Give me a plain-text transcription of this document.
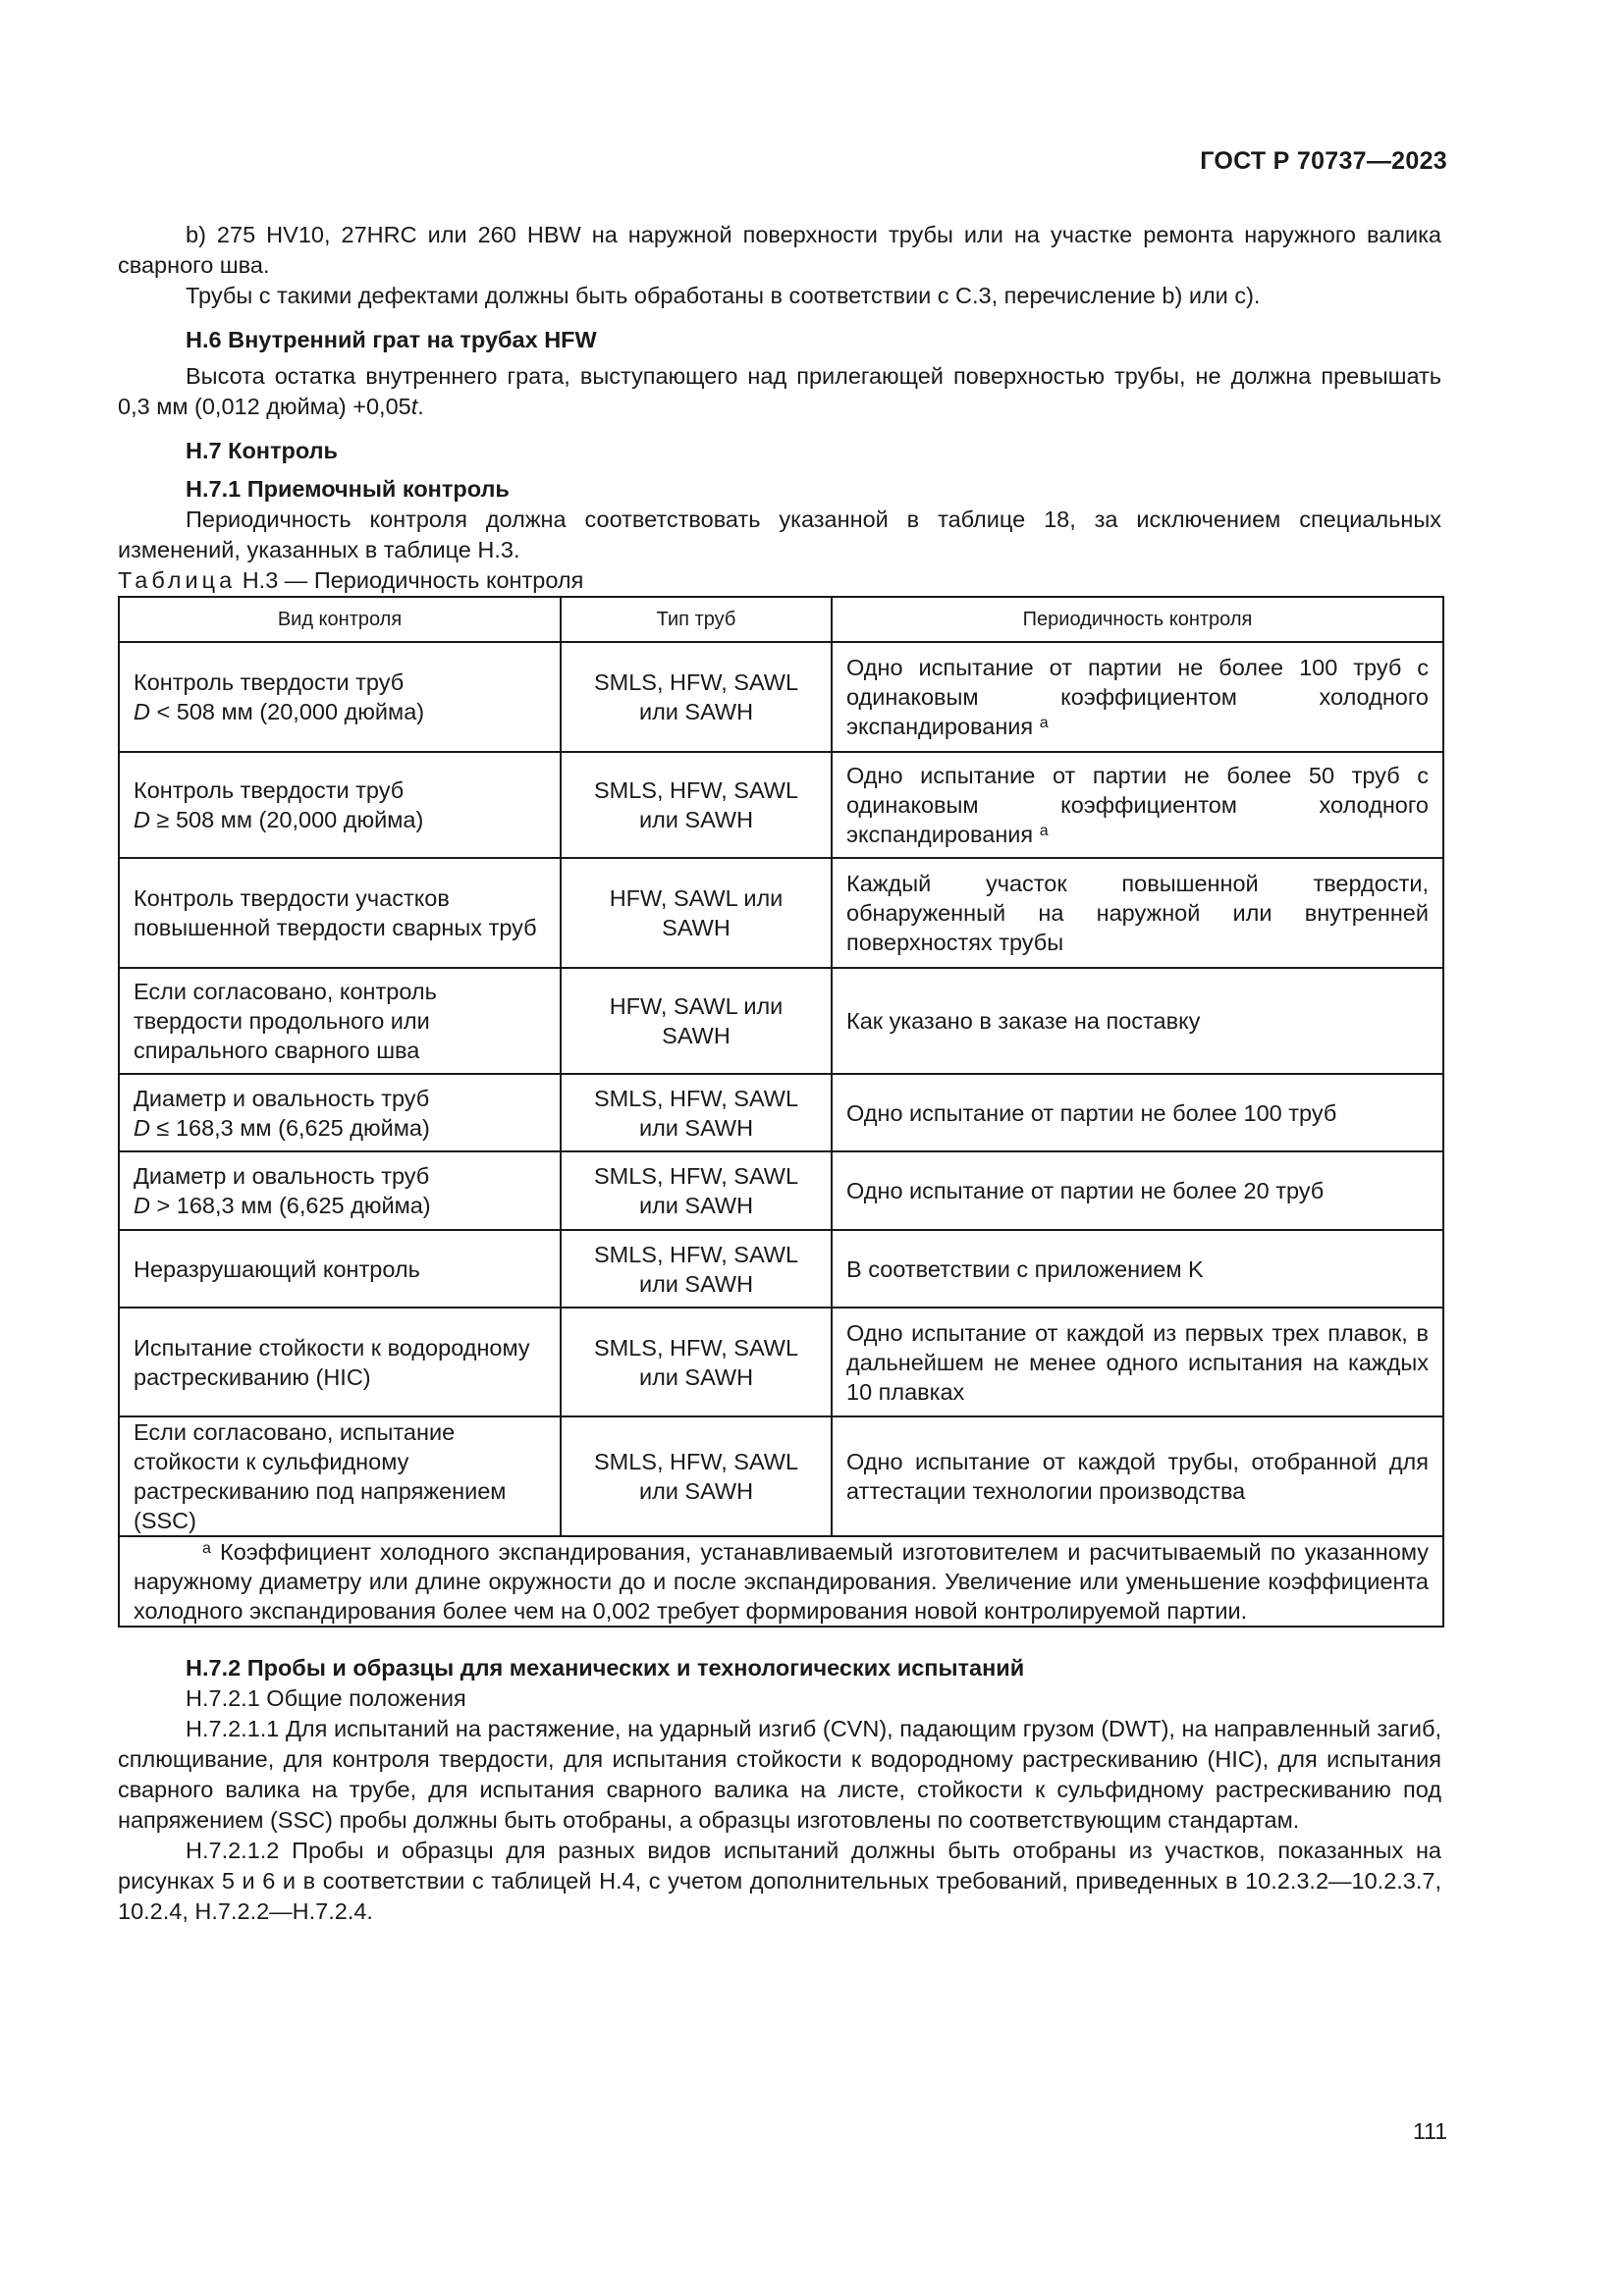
ГОСТ Р 70737—2023

b) 275 HV10, 27HRC или 260 HBW на наружной поверхности трубы или на участке ремонта наружного валика сварного шва.

Трубы с такими дефектами должны быть обработаны в соответствии с С.3, перечисление b) или c).

H.6 Внутренний грат на трубах HFW

Высота остатка внутреннего грата, выступающего над прилегающей поверхностью трубы, не должна превышать 0,3 мм (0,012 дюйма) +0,05t.

H.7 Контроль

H.7.1 Приемочный контроль

Периодичность контроля должна соответствовать указанной в таблице 18, за исключением специальных изменений, указанных в таблице H.3.

Таблица H.3 — Периодичность контроля

Вид контроля	Тип труб	Периодичность контроля
Контроль твердости труб
D < 508 мм (20,000 дюйма)	SMLS, HFW, SAWL или SAWH	Одно испытание от партии не более 100 труб с одинаковым коэффициентом холодного экспандирования $^a$
Контроль твердости труб
D ≥ 508 мм (20,000 дюйма)	SMLS, HFW, SAWL или SAWH	Одно испытание от партии не более 50 труб с одинаковым коэффициентом холодного экспандирования $^a$
Контроль твердости участков повышенной твердости сварных труб	HFW, SAWL или SAWH	Каждый участок повышенной твердости, обнаруженный на наружной или внутренней поверхностях трубы
Если согласовано, контроль твердости продольного или спирального сварного шва	HFW, SAWL или SAWH	Как указано в заказе на поставку
Диаметр и овальность труб
D ≤ 168,3 мм (6,625 дюйма)	SMLS, HFW, SAWL или SAWH	Одно испытание от партии не более 100 труб
Диаметр и овальность труб
D > 168,3 мм (6,625 дюйма)	SMLS, HFW, SAWL или SAWH	Одно испытание от партии не более 20 труб
Неразрушающий контроль	SMLS, HFW, SAWL или SAWH	В соответствии с приложением K
Испытание стойкости к водородному растрескиванию (HIC)	SMLS, HFW, SAWL или SAWH	Одно испытание от каждой из первых трех плавок, в дальнейшем не менее одного испытания на каждых 10 плавках
Если согласовано, испытание стойкости к сульфидному растрескиванию под напряжением (SSC)	SMLS, HFW, SAWL или SAWH	Одно испытание от каждой трубы, отобранной для аттестации технологии производства
$^a$ Коэффициент холодного экспандирования, устанавливаемый изготовителем и расчитываемый по указанному наружному диаметру или длине окружности до и после экспандирования. Увеличение или уменьшение коэффициента холодного экспандирования более чем на 0,002 требует формирования новой контролируемой партии.		

H.7.2 Пробы и образцы для механических и технологических испытаний

H.7.2.1 Общие положения

H.7.2.1.1 Для испытаний на растяжение, на ударный изгиб (CVN), падающим грузом (DWT), на направленный загиб, сплющивание, для контроля твердости, для испытания стойкости к водородному растрескиванию (HIC), для испытания сварного валика на трубе, для испытания сварного валика на листе, стойкости к сульфидному растрескиванию под напряжением (SSC) пробы должны быть отобраны, а образцы изготовлены по соответствующим стандартам.

H.7.2.1.2 Пробы и образцы для разных видов испытаний должны быть отобраны из участков, показанных на рисунках 5 и 6 и в соответствии с таблицей H.4, с учетом дополнительных требований, приведенных в 10.2.3.2—10.2.3.7, 10.2.4, H.7.2.2—H.7.2.4.

111
